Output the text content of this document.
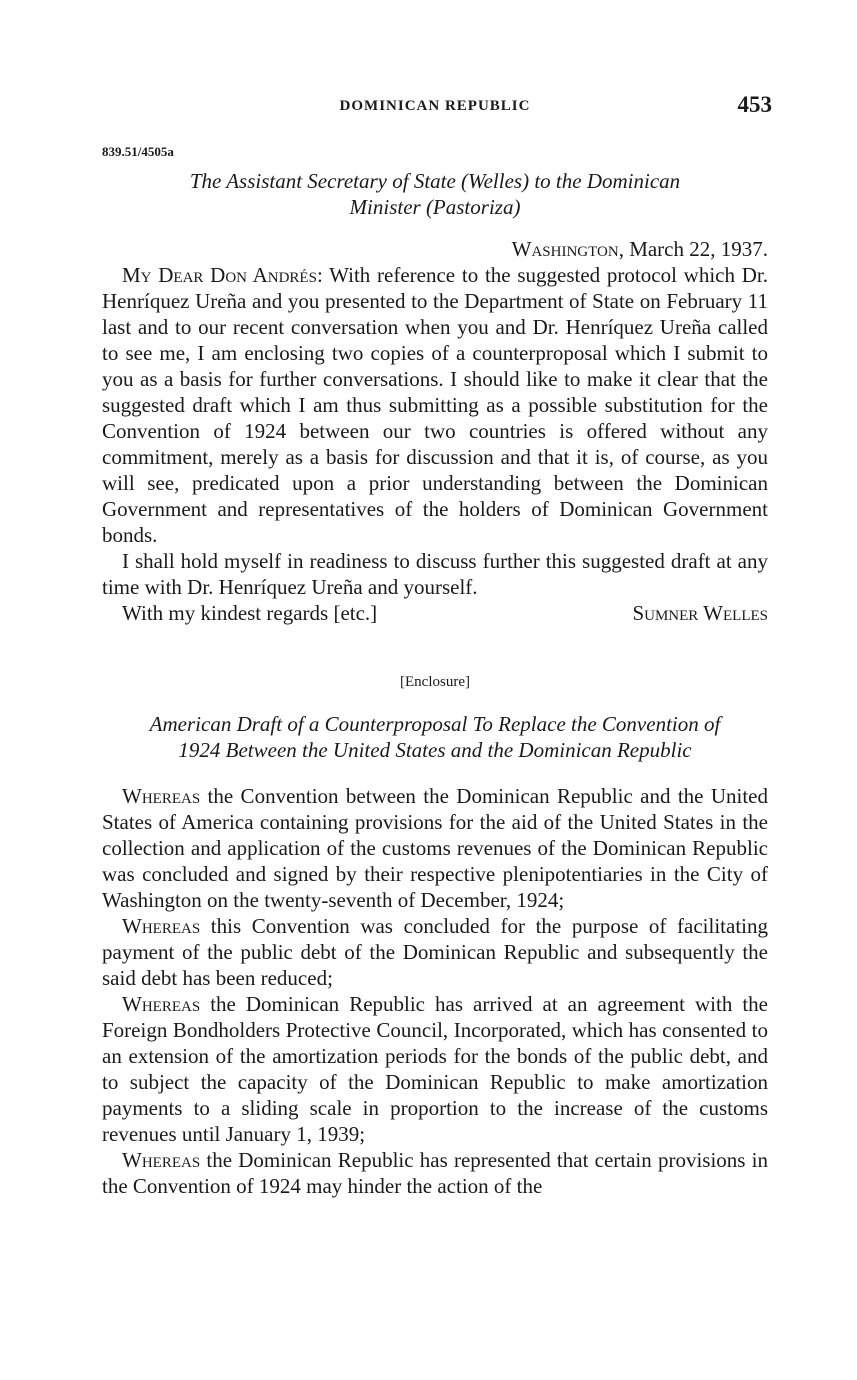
DOMINICAN REPUBLIC	453
839.51/4505a
The Assistant Secretary of State (Welles) to the Dominican
Minister (Pastoriza)
Washington, March 22, 1937.

My Dear Don Andrés: With reference to the suggested protocol which Dr. Henríquez Ureña and you presented to the Department of State on February 11 last and to our recent conversation when you and Dr. Henríquez Ureña called to see me, I am enclosing two copies of a counterproposal which I submit to you as a basis for further conversations. I should like to make it clear that the suggested draft which I am thus submitting as a possible substitution for the Convention of 1924 between our two countries is offered without any commitment, merely as a basis for discussion and that it is, of course, as you will see, predicated upon a prior understanding between the Dominican Government and representatives of the holders of Dominican Government bonds.

I shall hold myself in readiness to discuss further this suggested draft at any time with Dr. Henríquez Ureña and yourself.

With my kindest regards [etc.]	Sumner Welles
[Enclosure]
American Draft of a Counterproposal To Replace the Convention of
1924 Between the United States and the Dominican Republic

Whereas the Convention between the Dominican Republic and the United States of America containing provisions for the aid of the United States in the collection and application of the customs revenues of the Dominican Republic was concluded and signed by their respective plenipotentiaries in the City of Washington on the twenty-seventh of December, 1924;

Whereas this Convention was concluded for the purpose of facilitating payment of the public debt of the Dominican Republic and subsequently the said debt has been reduced;

Whereas the Dominican Republic has arrived at an agreement with the Foreign Bondholders Protective Council, Incorporated, which has consented to an extension of the amortization periods for the bonds of the public debt, and to subject the capacity of the Dominican Republic to make amortization payments to a sliding scale in proportion to the increase of the customs revenues until January 1, 1939;

Whereas the Dominican Republic has represented that certain provisions in the Convention of 1924 may hinder the action of the
